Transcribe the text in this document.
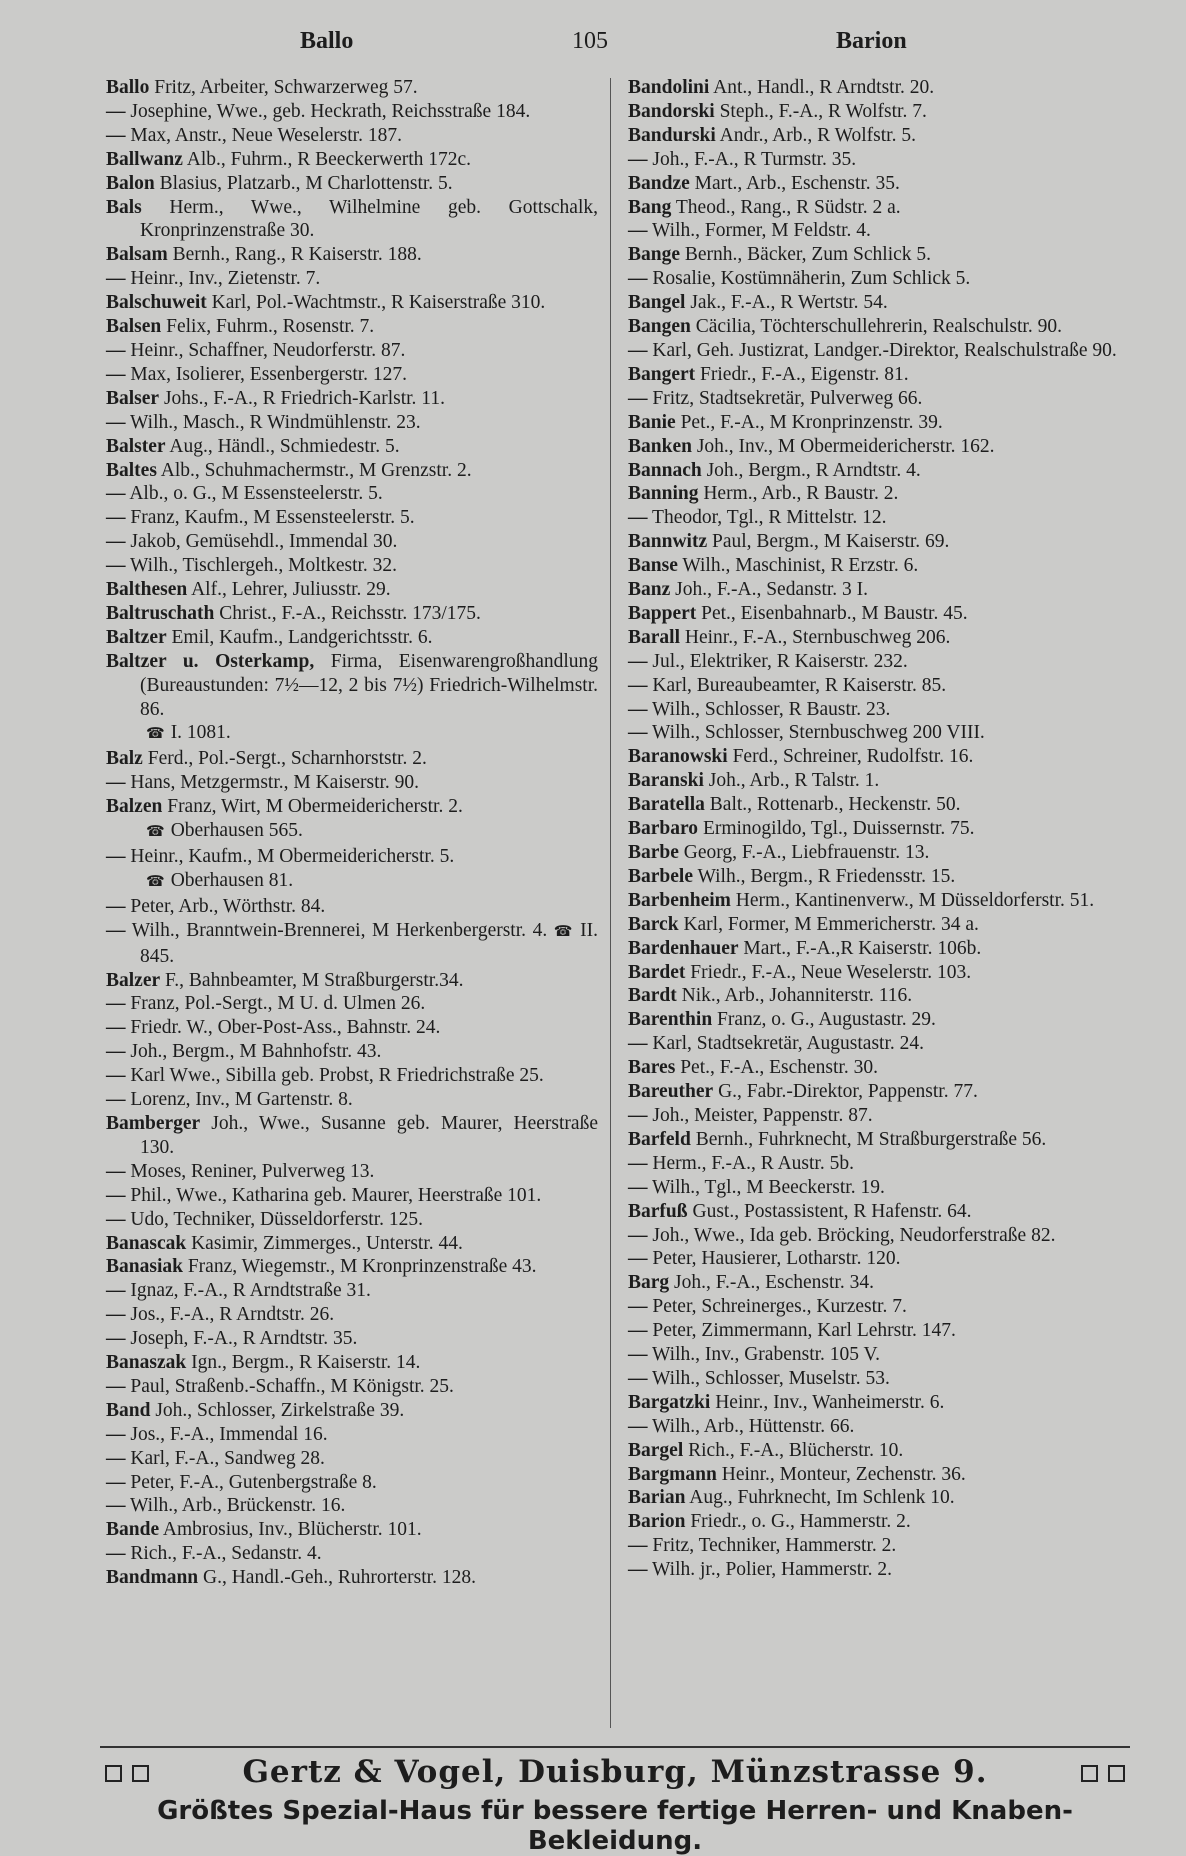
Ballo	105	Barion
Ballo Fritz, Arbeiter, Schwarzerweg 57.
— Josephine, Wwe., geb. Heckrath, Reichsstraße 184.
— Max, Anstr., Neue Weselerstr. 187.
Ballwanz Alb., Fuhrm., R Beeckerwerth 172c.
Balon Blasius, Platzarb., M Charlottenstr. 5.
Bals Herm., Wwe., Wilhelmine geb. Gottschalk, Kronprinzenstraße 30.
Balsam Bernh., Rang., R Kaiserstr. 188.
— Heinr., Inv., Zietenstr. 7.
Balschuweit Karl, Pol.-Wachtmstr., R Kaiserstraße 310.
Balsen Felix, Fuhrm., Rosenstr. 7.
— Heinr., Schaffner, Neudorferstr. 87.
— Max, Isolierer, Essenbergerstr. 127.
Balser Johs., F.-A., R Friedrich-Karlstr. 11.
— Wilh., Masch., R Windmühlenstr. 23.
Balster Aug., Händl., Schmiedestr. 5.
Baltes Alb., Schuhmachermstr., M Grenzstr. 2.
— Alb., o. G., M Essensteelerstr. 5.
— Franz, Kaufm., M Essensteelerstr. 5.
— Jakob, Gemüsehdl., Immendal 30.
— Wilh., Tischlergeh., Moltkestr. 32.
Balthesen Alf., Lehrer, Juliusstr. 29.
Baltruschath Christ., F.-A., Reichsstr. 173/175.
Baltzer Emil, Kaufm., Landgerichtsstr. 6.
Baltzer u. Osterkamp, Firma, Eisenwarengroßhandlung (Bureaustunden: 7½—12, 2 bis 7½) Friedrich-Wilhelmstr. 86.
☎ I. 1081.
Balz Ferd., Pol.-Sergt., Scharnhorststr. 2.
— Hans, Metzgermstr., M Kaiserstr. 90.
Balzen Franz, Wirt, M Obermeidericherstr. 2.
☎ Oberhausen 565.
— Heinr., Kaufm., M Obermeidericherstr. 5.
☎ Oberhausen 81.
— Peter, Arb., Wörthstr. 84.
— Wilh., Branntwein-Brennerei, M Herkenbergerstr. 4. ☎ II. 845.
Balzer F., Bahnbeamter, M Straßburgerstr.34.
— Franz, Pol.-Sergt., M U. d. Ulmen 26.
— Friedr. W., Ober-Post-Ass., Bahnstr. 24.
— Joh., Bergm., M Bahnhofstr. 43.
— Karl Wwe., Sibilla geb. Probst, R Friedrichstraße 25.
— Lorenz, Inv., M Gartenstr. 8.
Bamberger Joh., Wwe., Susanne geb. Maurer, Heerstraße 130.
— Moses, Reniner, Pulverweg 13.
— Phil., Wwe., Katharina geb. Maurer, Heerstraße 101.
— Udo, Techniker, Düsseldorferstr. 125.
Banascak Kasimir, Zimmerges., Unterstr. 44.
Banasiak Franz, Wiegemstr., M Kronprinzenstraße 43.
— Ignaz, F.-A., R Arndtstraße 31.
— Jos., F.-A., R Arndtstr. 26.
— Joseph, F.-A., R Arndtstr. 35.
Banaszak Ign., Bergm., R Kaiserstr. 14.
— Paul, Straßenb.-Schaffn., M Königstr. 25.
Band Joh., Schlosser, Zirkelstraße 39.
— Jos., F.-A., Immendal 16.
— Karl, F.-A., Sandweg 28.
— Peter, F.-A., Gutenbergstraße 8.
— Wilh., Arb., Brückenstr. 16.
Bande Ambrosius, Inv., Blücherstr. 101.
— Rich., F.-A., Sedanstr. 4.
Bandmann G., Handl.-Geh., Ruhrorterstr. 128.
Bandolini Ant., Handl., R Arndtstr. 20.
Bandorski Steph., F.-A., R Wolfstr. 7.
Bandurski Andr., Arb., R Wolfstr. 5.
— Joh., F.-A., R Turmstr. 35.
Bandze Mart., Arb., Eschenstr. 35.
Bang Theod., Rang., R Südstr. 2 a.
— Wilh., Former, M Feldstr. 4.
Bange Bernh., Bäcker, Zum Schlick 5.
— Rosalie, Kostümnäherin, Zum Schlick 5.
Bangel Jak., F.-A., R Wertstr. 54.
Bangen Cäcilia, Töchterschullehrerin, Realschulstr. 90.
— Karl, Geh. Justizrat, Landger.-Direktor, Realschulstraße 90.
Bangert Friedr., F.-A., Eigenstr. 81.
— Fritz, Stadtsekretär, Pulverweg 66.
Banie Pet., F.-A., M Kronprinzenstr. 39.
Banken Joh., Inv., M Obermeidericherstr. 162.
Bannach Joh., Bergm., R Arndtstr. 4.
Banning Herm., Arb., R Baustr. 2.
— Theodor, Tgl., R Mittelstr. 12.
Bannwitz Paul, Bergm., M Kaiserstr. 69.
Banse Wilh., Maschinist, R Erzstr. 6.
Banz Joh., F.-A., Sedanstr. 3 I.
Bappert Pet., Eisenbahnarb., M Baustr. 45.
Barall Heinr., F.-A., Sternbuschweg 206.
— Jul., Elektriker, R Kaiserstr. 232.
— Karl, Bureaubeamter, R Kaiserstr. 85.
— Wilh., Schlosser, R Baustr. 23.
— Wilh., Schlosser, Sternbuschweg 200 VIII.
Baranowski Ferd., Schreiner, Rudolfstr. 16.
Baranski Joh., Arb., R Talstr. 1.
Baratella Balt., Rottenarb., Heckenstr. 50.
Barbaro Erminogildo, Tgl., Duissernstr. 75.
Barbe Georg, F.-A., Liebfrauenstr. 13.
Barbele Wilh., Bergm., R Friedensstr. 15.
Barbenheim Herm., Kantinenverw., M Düsseldorferstr. 51.
Barck Karl, Former, M Emmericherstr. 34 a.
Bardenhauer Mart., F.-A.,R Kaiserstr. 106b.
Bardet Friedr., F.-A., Neue Weselerstr. 103.
Bardt Nik., Arb., Johanniterstr. 116.
Barenthin Franz, o. G., Augustastr. 29.
— Karl, Stadtsekretär, Augustastr. 24.
Bares Pet., F.-A., Eschenstr. 30.
Bareuther G., Fabr.-Direktor, Pappenstr. 77.
— Joh., Meister, Pappenstr. 87.
Barfeld Bernh., Fuhrknecht, M Straßburgerstraße 56.
— Herm., F.-A., R Austr. 5b.
— Wilh., Tgl., M Beeckerstr. 19.
Barfuß Gust., Postassistent, R Hafenstr. 64.
— Joh., Wwe., Ida geb. Bröcking, Neudorferstraße 82.
— Peter, Hausierer, Lotharstr. 120.
Barg Joh., F.-A., Eschenstr. 34.
— Peter, Schreinerges., Kurzestr. 7.
— Peter, Zimmermann, Karl Lehrstr. 147.
— Wilh., Inv., Grabenstr. 105 V.
— Wilh., Schlosser, Muselstr. 53.
Bargatzki Heinr., Inv., Wanheimerstr. 6.
— Wilh., Arb., Hüttenstr. 66.
Bargel Rich., F.-A., Blücherstr. 10.
Bargmann Heinr., Monteur, Zechenstr. 36.
Barian Aug., Fuhrknecht, Im Schlenk 10.
Barion Friedr., o. G., Hammerstr. 2.
— Fritz, Techniker, Hammerstr. 2.
— Wilh. jr., Polier, Hammerstr. 2.
Gertz & Vogel, Duisburg, Münzstrasse 9.
Größtes Spezial-Haus für bessere fertige Herren- und Knaben-Bekleidung.
